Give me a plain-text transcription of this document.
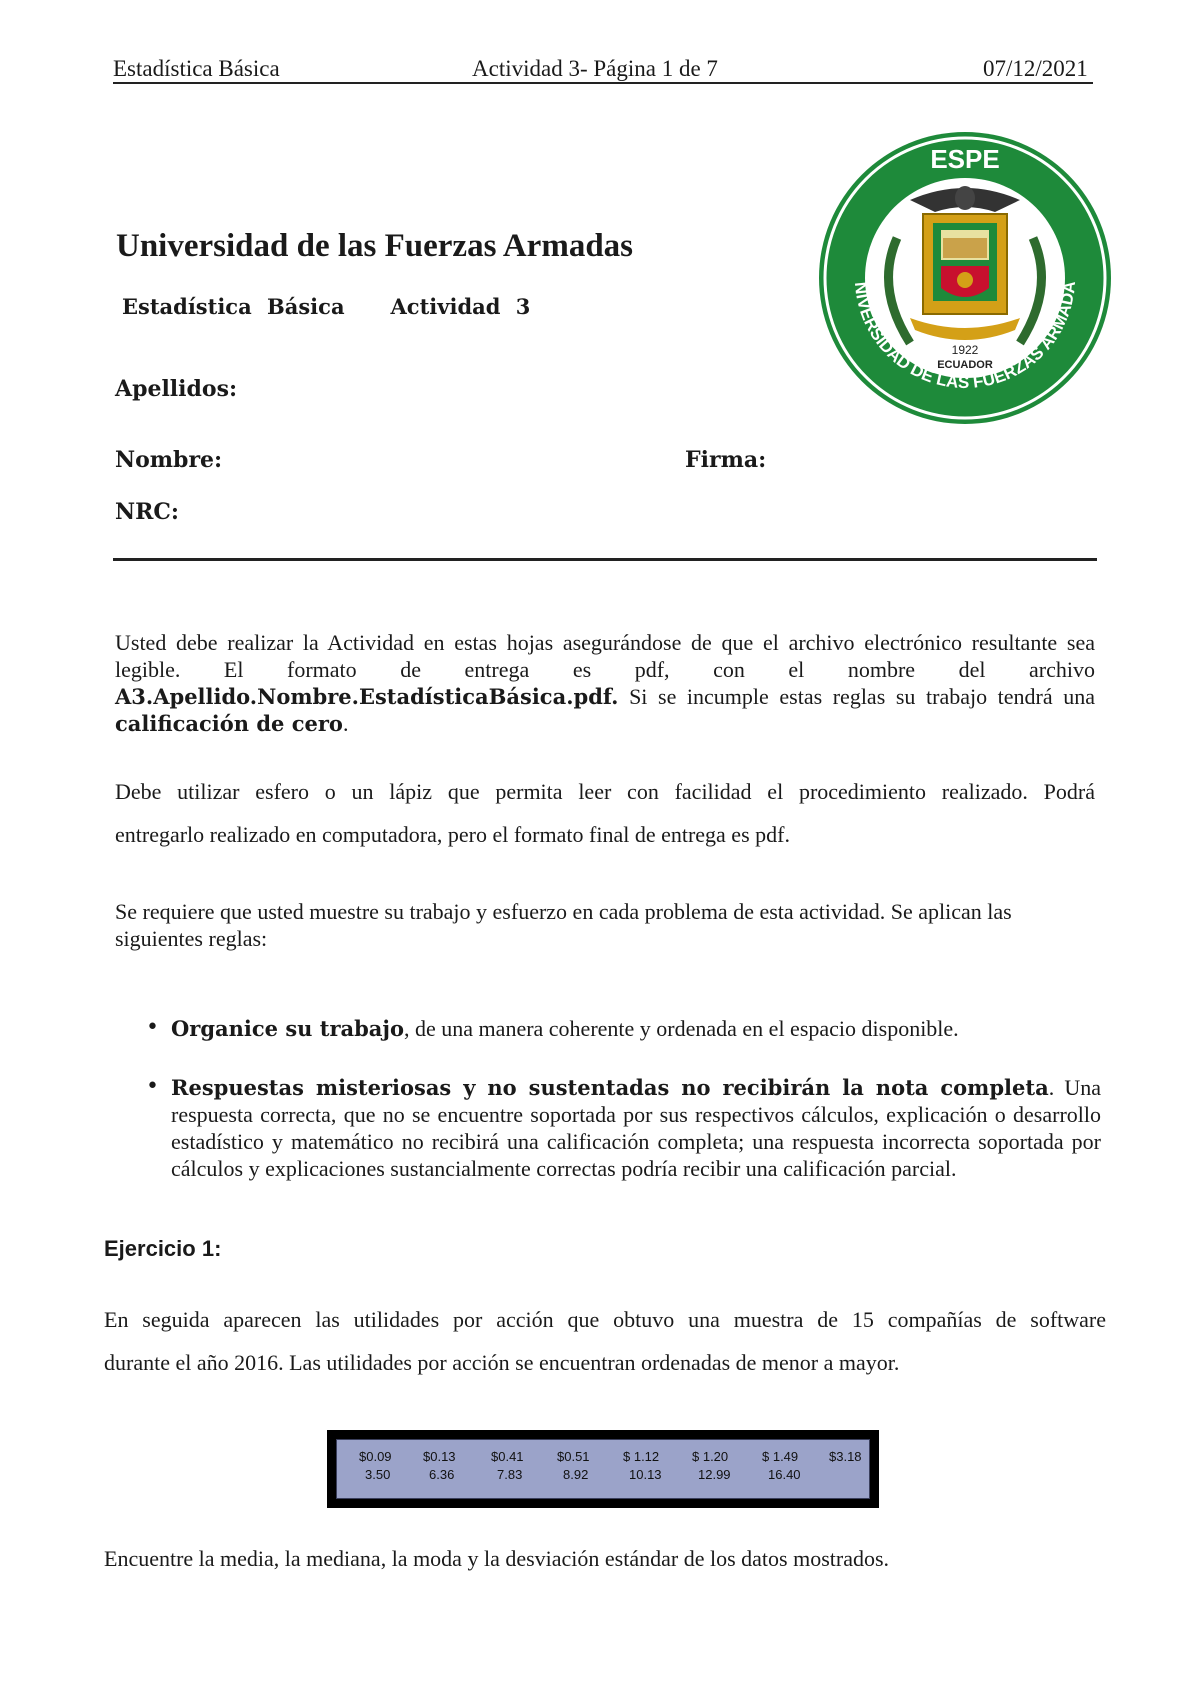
Estadística Básica	Actividad 3- Página 1 de 7	07/12/2021
ESPE
NIVERSIDAD DE LAS FUERZAS ARMADA
1922
ECUADOR
Universidad de las Fuerzas Armadas
Estadística Básica Actividad 3
Apellidos:
Nombre:	Firma:
NRC:
Usted debe realizar la Actividad en estas hojas asegurándose de que el archivo electrónico resultante sea legible. El formato de entrega es pdf, con el nombre del archivo A3.Apellido.Nombre.EstadísticaBásica.pdf. Si se incumple estas reglas su trabajo tendrá una calificación de cero.
Debe utilizar esfero o un lápiz que permita leer con facilidad el procedimiento realizado. Podrá
entregarlo realizado en computadora, pero el formato final de entrega es pdf.
Se requiere que usted muestre su trabajo y esfuerzo en cada problema de esta actividad. Se aplican las siguientes reglas:
• Organice su trabajo, de una manera coherente y ordenada en el espacio disponible.
• Respuestas misteriosas y no sustentadas no recibirán la nota completa. Una respuesta correcta, que no se encuentre soportada por sus respectivos cálculos, explicación o desarrollo estadístico y matemático no recibirá una calificación completa; una respuesta incorrecta soportada por cálculos y explicaciones sustancialmente correctas podría recibir una calificación parcial.
Ejercicio 1:
En seguida aparecen las utilidades por acción que obtuvo una muestra de 15 compañías de software
durante el año 2016. Las utilidades por acción se encuentran ordenadas de menor a mayor.
$0.09 $0.13	$0.41	$0.51	$ 1.12	$ 1.20	$ 1.49 $3.18
3.50	6.36	7.83	8.92	10.13	12.99	16.40
Encuentre la media, la mediana, la moda y la desviación estándar de los datos mostrados.
